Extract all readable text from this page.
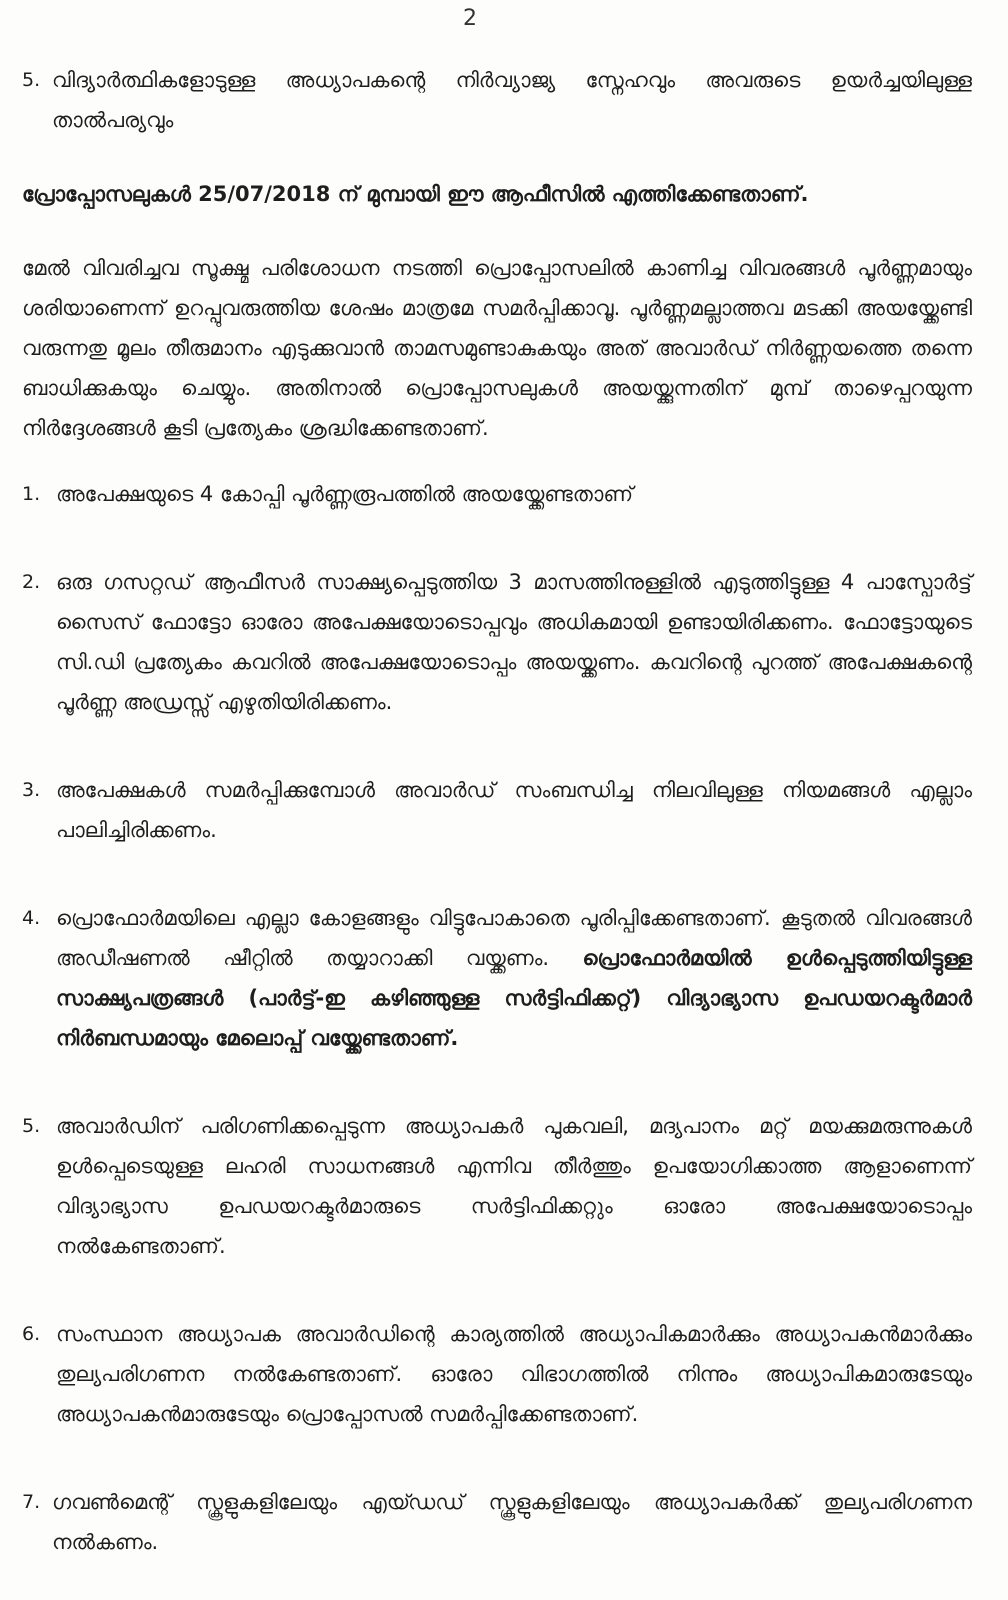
2
5. വിദ്യാർത്ഥികളോടുള്ള അധ്യാപകന്റെ നിർവ്യാജ്യ സ്നേഹവും അവരുടെ ഉയർച്ചയിലുള്ള താൽപര്യവും
പ്രോപ്പോസലുകൾ 25/07/2018 ന് മുമ്പായി ഈ ആഫീസിൽ എത്തിക്കേണ്ടതാണ്.
മേൽ വിവരിച്ചവ സൂക്ഷ്മ പരിശോധന നടത്തി പ്രൊപ്പോസലിൽ കാണിച്ച വിവരങ്ങൾ പൂർണ്ണമായും ശരിയാണെന്ന് ഉറപ്പുവരുത്തിയ ശേഷം മാത്രമേ സമർപ്പിക്കാവൂ. പൂർണ്ണമല്ലാത്തവ മടക്കി അയയ്ക്കേണ്ടി വരുന്നതു മൂലം തീരുമാനം എടുക്കുവാൻ താമസമുണ്ടാകുകയും അത് അവാർഡ് നിർണ്ണയത്തെ തന്നെ ബാധിക്കുകയും ചെയ്യും. അതിനാൽ പ്രൊപ്പോസലുകൾ അയയ്ക്കുന്നതിന് മുമ്പ് താഴെപ്പറയുന്ന നിർദ്ദേശങ്ങൾ കൂടി പ്രത്യേകം ശ്രദ്ധിക്കേണ്ടതാണ്.
1. അപേക്ഷയുടെ 4 കോപ്പി പൂർണ്ണരൂപത്തിൽ അയയ്ക്കേണ്ടതാണ്
2. ഒരു ഗസറ്റഡ് ആഫീസർ സാക്ഷ്യപ്പെടുത്തിയ 3 മാസത്തിനുള്ളിൽ എടുത്തിട്ടുള്ള 4 പാസ്പോർട്ട് സൈസ് ഫോട്ടോ ഓരോ അപേക്ഷയോടൊപ്പവും അധികമായി ഉണ്ടായിരിക്കണം. ഫോട്ടോയുടെ സി.ഡി പ്രത്യേകം കവറിൽ അപേക്ഷയോടൊപ്പം അയയ്ക്കണം. കവറിന്റെ പുറത്ത് അപേക്ഷകന്റെ പൂർണ്ണ അഡ്രസ്സ് എഴുതിയിരിക്കണം.
3. അപേക്ഷകൾ സമർപ്പിക്കുമ്പോൾ അവാർഡ് സംബന്ധിച്ച നിലവിലുള്ള നിയമങ്ങൾ എല്ലാം പാലിച്ചിരിക്കണം.
4. പ്രൊഫോർമയിലെ എല്ലാ കോളങ്ങളും വിട്ടുപോകാതെ പൂരിപ്പിക്കേണ്ടതാണ്. കൂടുതൽ വിവരങ്ങൾ അഡീഷണൽ ഷീറ്റിൽ തയ്യാറാക്കി വയ്ക്കണം. പ്രൊഫോർമയിൽ ഉൾപ്പെടുത്തിയിട്ടുള്ള സാക്ഷ്യപത്രങ്ങൾ (പാർട്ട്-ഇ കഴിഞ്ഞുള്ള സർട്ടിഫിക്കറ്റ്) വിദ്യാഭ്യാസ ഉപഡയറക്ടർമാർ നിർബന്ധമായും മേലൊപ്പ് വയ്ക്കേണ്ടതാണ്.
5. അവാർഡിന് പരിഗണിക്കപ്പെടുന്ന അധ്യാപകർ പുകവലി, മദ്യപാനം മറ്റ് മയക്കുമരുന്നുകൾ ഉൾപ്പെടെയുള്ള ലഹരി സാധനങ്ങൾ എന്നിവ തീർത്തും ഉപയോഗിക്കാത്ത ആളാണെന്ന് വിദ്യാഭ്യാസ ഉപഡയറക്ടർമാരുടെ സർട്ടിഫിക്കറ്റും ഓരോ അപേക്ഷയോടൊപ്പം നൽകേണ്ടതാണ്.
6. സംസ്ഥാന അധ്യാപക അവാർഡിന്റെ കാര്യത്തിൽ അധ്യാപികമാർക്കും അധ്യാപകൻമാർക്കും തുല്യപരിഗണന നൽകേണ്ടതാണ്. ഓരോ വിഭാഗത്തിൽ നിന്നും അധ്യാപികമാരുടേയും അധ്യാപകൻമാരുടേയും പ്രൊപ്പോസൽ സമർപ്പിക്കേണ്ടതാണ്.
7. ഗവൺമെന്റ് സ്കൂളുകളിലേയും എയ്ഡഡ് സ്കൂളുകളിലേയും അധ്യാപകർക്ക് തുല്യപരിഗണന നൽകണം.
